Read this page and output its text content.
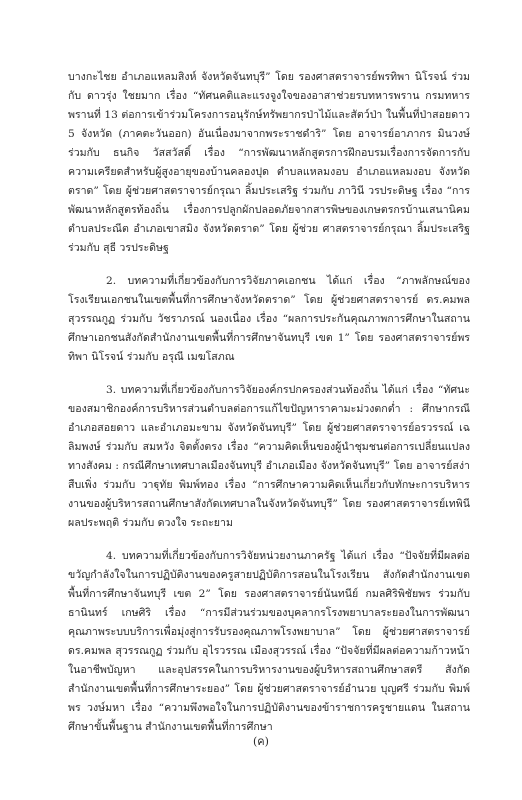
บางกะไชย อำเภอแหลมสิงห์ จังหวัดจันทบุรี” โดย รองศาสตราจารย์พรทิพา นิโรจน์ ร่วมกับ ดาวรุ่ง ใชยมาก เรื่อง “ทัศนคติและแรงจูงใจของอาสาช่วยรบทหารพราน กรมทหารพรานที่ 13 ต่อการเข้าร่วมโครงการอนุรักษ์ทรัพยากรป่าไม้และสัตว์ป่า ในพื้นที่ป่าสอยดาว 5 จังหวัด (ภาคตะวันออก) อันเนื่องมาจากพระราชดำริ” โดย อาจารย์อาภากร มินวงษ์ ร่วมกับ ธนกิจ วัสสวัสดิ์ เรื่อง “การพัฒนาหลักสูตรการฝึกอบรมเรื่องการจัดการกับความเครียดสำหรับผู้สูงอายุของบ้านคลองปุด ตำบลแหลมงอบ อำเภอแหลมงอบ จังหวัดตราด” โดย ผู้ช่วยศาสตราจารย์กรุณา ลิ้มประเสริฐ ร่วมกับ ภาวินี วรประดิษฐ เรื่อง “การพัฒนาหลักสูตรท้องถิ่น เรื่องการปลูกผักปลอดภัยจากสารพิษของเกษตรกรบ้านเสนานิคม ตำบลประณีต อำเภอเขาสมิง จังหวัดตราด” โดย ผู้ช่วย ศาสตราจารย์กรุณา ลิ้มประเสริฐ ร่วมกับ สุธี วรประดิษฐ

2. บทความที่เกี่ยวข้องกับการวิจัยภาคเอกชน ได้แก่ เรื่อง “ภาพลักษณ์ของโรงเรียนเอกชนในเขตพื้นที่การศึกษาจังหวัดตราด” โดย ผู้ช่วยศาสตราจารย์ ดร.คมพล สุวรรณกูฏ ร่วมกับ วัชราภรณ์ นองเนื่อง เรื่อง “ผลการประกันคุณภาพการศึกษาในสถานศึกษาเอกชนสังกัดสำนักงานเขตพื้นที่การศึกษาจันทบุรี เขต 1” โดย รองศาสตราจารย์พรทิพา นิโรจน์ ร่วมกับ อรุณี เมฆโสภณ

3. บทความที่เกี่ยวข้องกับการวิจัยองค์กรปกครองส่วนท้องถิ่น ได้แก่ เรื่อง “ทัศนะของสมาชิกองค์การบริหารส่วนตำบลต่อการแก้ไขปัญหาราคามะม่วงตกต่ำ : ศึกษากรณีอำเภอสอยดาว และอำเภอมะขาม จังหวัดจันทบุรี” โดย ผู้ช่วยศาสตราจารย์อรวรรณ์ เฉลิมพงษ์ ร่วมกับ สมหวัง จิตตั้งตรง เรื่อง “ความคิดเห็นของผู้นำชุมชนต่อการเปลี่ยนแปลงทางสังคม : กรณีศึกษาเทศบาลเมืองจันทบุรี อำเภอเมือง จังหวัดจันทบุรี” โดย อาจารย์สง่า สืบเพิ่ง ร่วมกับ วาฐุทัย พิมพ์ทอง เรื่อง “การศึกษาความคิดเห็นเกี่ยวกับทักษะการบริหารงานของผู้บริหารสถานศึกษาสังกัดเทศบาลในจังหวัดจันทบุรี” โดย รองศาสตราจารย์เทพินี ผลประพฤติ ร่วมกับ ดวงใจ ระถะยาม

4. บทความที่เกี่ยวข้องกับการวิจัยหน่วยงานภาครัฐ ได้แก่ เรื่อง “ปัจจัยที่มีผลต่อขวัญกำลังใจในการปฏิบัติงานของครูสายปฏิบัติการสอนในโรงเรียน สังกัดสำนักงานเขตพื้นที่การศึกษาจันทบุรี เขต 2” โดย รองศาสตราจารย์นันทนีย์ กมลศิริพิชัยพร ร่วมกับ ธานินทร์ เกษศิริ เรื่อง “การมีส่วนร่วมของบุคลากรโรงพยาบาลระยองในการพัฒนาคุณภาพระบบบริการเพื่อมุ่งสู่การรับรองคุณภาพโรงพยาบาล” โดย ผู้ช่วยศาสตราจารย์ ดร.คมพล สุวรรณกูฏ ร่วมกับ อุไรวรรณ เมืองสุวรรณ์ เรื่อง “ปัจจัยที่มีผลต่อความก้าวหน้าในอาชีพบัญหา และอุปสรรคในการบริหารงานของผู้บริหารสถานศึกษาสตรี สังกัดสำนักงานเขตพื้นที่การศึกษาระยอง” โดย ผู้ช่วยศาสตราจารย์อำนวย บุญศรี ร่วมกับ พิมพ์พร วงษ์มหา เรื่อง “ความพึงพอใจในการปฏิบัติงานของข้าราชการครูชายแดน ในสถานศึกษาขั้นพื้นฐาน สำนักงานเขตพื้นที่การศึกษา

(ค)
